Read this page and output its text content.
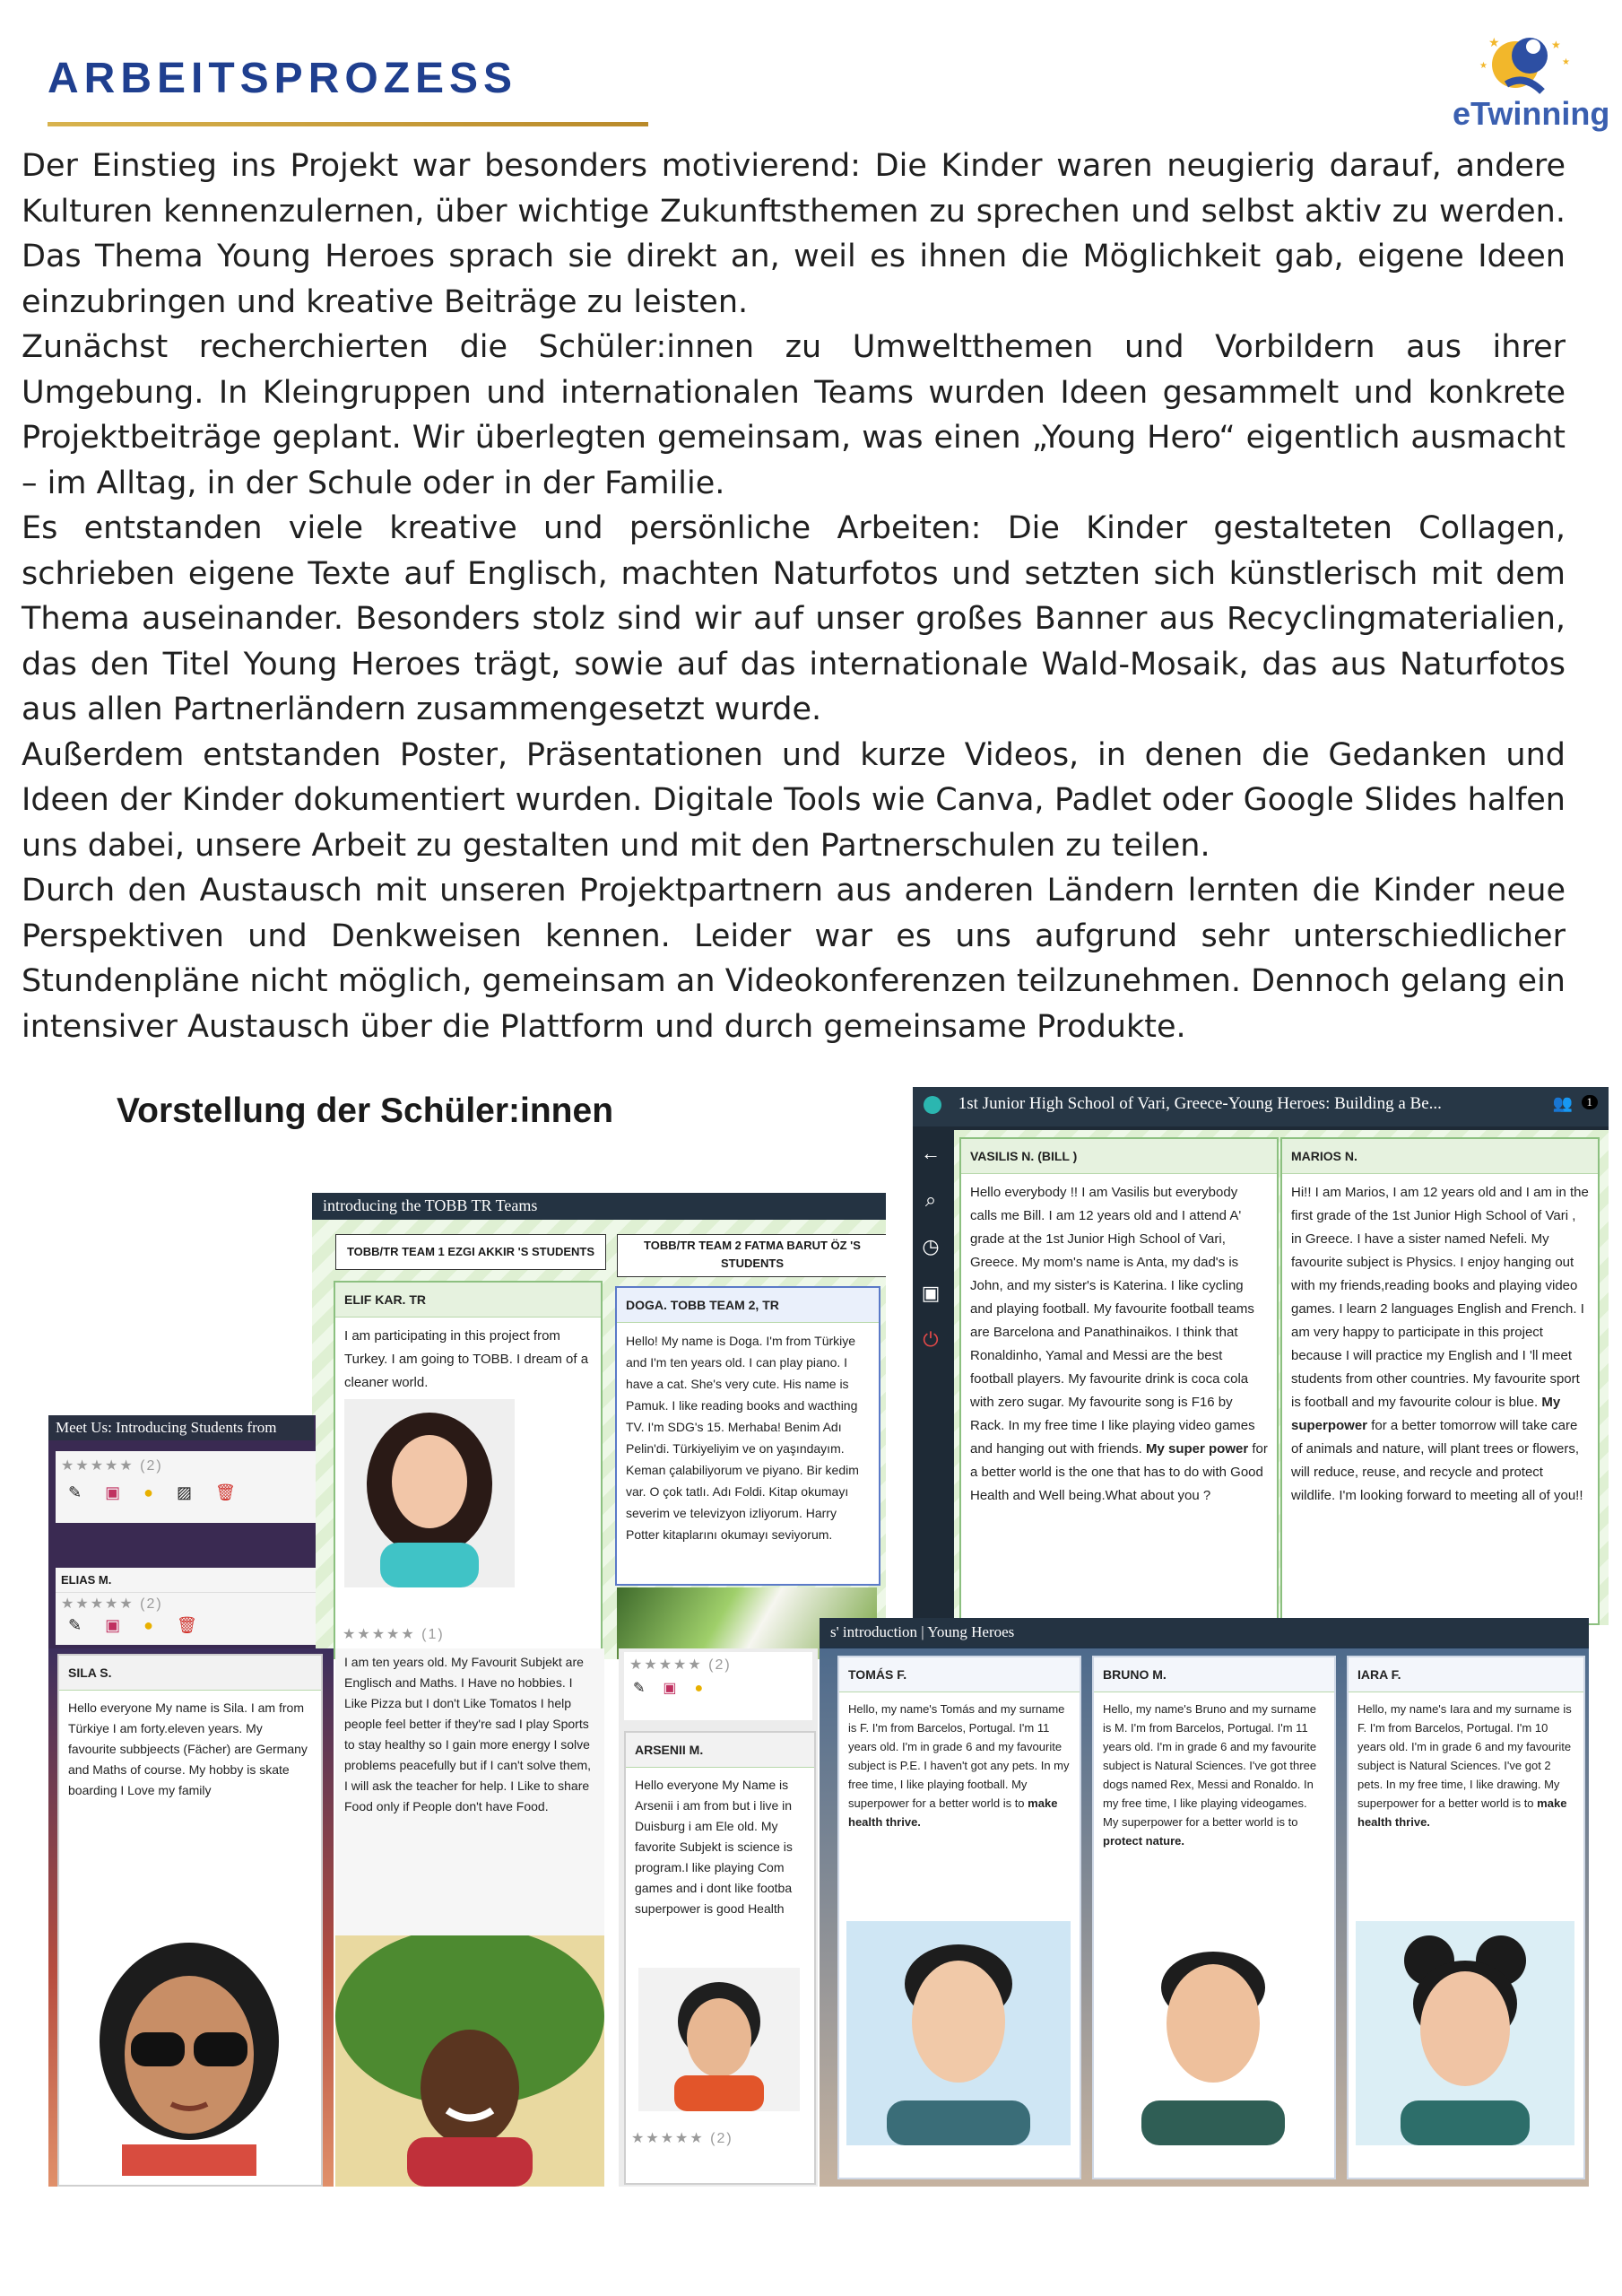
ARBEITSPROZESS
★	★
★
★
eTwinning

Der Einstieg ins Projekt war besonders motivierend: Die Kinder waren neugierig darauf, andere Kulturen kennenzulernen, über wichtige Zukunftsthemen zu sprechen und selbst aktiv zu werden. Das Thema Young Heroes sprach sie direkt an, weil es ihnen die Möglichkeit gab, eigene Ideen einzubringen und kreative Beiträge zu leisten.

Zunächst recherchierten die Schüler:innen zu Umweltthemen und Vorbildern aus ihrer Umgebung. In Kleingruppen und internationalen Teams wurden Ideen gesammelt und konkrete Projektbeiträge geplant. Wir überlegten gemeinsam, was einen „Young Hero“ eigentlich ausmacht – im Alltag, in der Schule oder in der Familie.

Es entstanden viele kreative und persönliche Arbeiten: Die Kinder gestalteten Collagen, schrieben eigene Texte auf Englisch, machten Naturfotos und setzten sich künstlerisch mit dem Thema auseinander. Besonders stolz sind wir auf unser großes Banner aus Recyclingmaterialien, das den Titel Young Heroes trägt, sowie auf das internationale Wald-Mosaik, das aus Naturfotos aus allen Partnerländern zusammengesetzt wurde.

Außerdem entstanden Poster, Präsentationen und kurze Videos, in denen die Gedanken und Ideen der Kinder dokumentiert wurden. Digitale Tools wie Canva, Padlet oder Google Slides halfen uns dabei, unsere Arbeit zu gestalten und mit den Partnerschulen zu teilen.

Durch den Austausch mit unseren Projektpartnern aus anderen Ländern lernten die Kinder neue Perspektiven und Denkweisen kennen. Leider war es uns aufgrund sehr unterschiedlicher Stundenpläne nicht möglich, gemeinsam an Videokonferenzen teilzunehmen. Dennoch gelang ein intensiver Austausch über die Plattform und durch gemeinsame Produkte.

Vorstellung der Schüler:innen	1st Junior High School of Vari, Greece-Young Heroes: Building a Be...	👥	1
←
⌕
◷
▣
⏻
VASILIS N. (BILL )
Hello everybody !! I am Vasilis but everybody calls me Bill. I am 12 years old and I attend A' grade at the 1st Junior High School of Vari, Greece. My mom's name is Anta, my dad's is John, and my sister's is Katerina. I like cycling and playing football. My favourite football teams are Barcelona and Panathinaikos. I think that Ronaldinho, Yamal and Messi are the best football players. My favourite drink is coca cola with zero sugar. My favourite song is F16 by Rack. In my free time I like playing video games and hanging out with friends. My super power for a better world is the one that has to do with Good Health and Well being.What about you ?
MARIOS N.
Hi!! I am Marios, I am 12 years old and I am in the first grade of the 1st Junior High School of Vari , in Greece. I have a sister named Nefeli. My favourite subject is Physics. I enjoy hanging out with my friends,reading books and playing video games. I learn 2 languages English and French. I am very happy to participate in this project because I will practice my English and I 'll meet students from other countries. My favourite sport is football and my favourite colour is blue. My superpower for a better tomorrow will take care of animals and nature, will plant trees or flowers, will reduce, reuse, and recycle and protect wildlife. I'm looking forward to meeting all of you!!
introducing the TOBB TR Teams
TOBB/TR TEAM 1 EZGI AKKIR 'S STUDENTS	TOBB/TR TEAM 2 FATMA BARUT ÖZ 'S STUDENTS
ELIF KAR. TR
I am participating in this project from Turkey. I am going to TOBB. I dream of a cleaner world.
★★★★★ (1)
DOGA. TOBB TEAM 2, TR
Hello! My name is Doga. I'm from Türkiye and I'm ten years old. I can play piano. I have a cat. She's very cute. His name is Pamuk. I like reading books and wacthing TV. I'm SDG's 15. Merhaba! Benim Adı Pelin'di. Türkiyeliyim ve on yaşındayım. Keman çalabiliyorum ve piyano. Bir kedim var. O çok tatlı. Adı Foldi. Kitap okumayı severim ve televizyon izliyorum. Harry Potter kitaplarını okumayı seviyorum.
Meet Us: Introducing Students from
★★★★★ (2)
✎▣●▨🗑
ELIAS M.
★★★★★ (2)
✎▣●🗑
SILA S.
Hello everyone My name is Sila. I am from Türkiye I am forty.eleven years. My favourite subbjeects (Fächer) are Germany and Maths of course. My hobby is skate boarding I Love my family
I am ten years old. My Favourit Subjekt are Englisch and Maths. I Have no hobbies. I Like Pizza but I don't Like Tomatos I help people feel better if they're sad I play Sports to stay healthy so I gain more energy I solve problems peacefully but if I can't solve them, I will ask the teacher for help. I Like to share Food only if People don't have Food.
★★★★★ (2)
✎▣●
ARSENII M.
Hello everyone My Name is Arsenii i am from but i live in Duisburg i am Ele old. My favorite Subjekt is science is program.I like playing Com games and i dont like footba superpower is good Health
★★★★★ (2)
s' introduction | Young Heroes
TOMÁS F.
Hello, my name's Tomás and my surname is F. I'm from Barcelos, Portugal. I'm 11 years old. I'm in grade 6 and my favourite subject is P.E. I haven't got any pets. In my free time, I like playing football. My superpower for a better world is to make health thrive.
BRUNO M.
Hello, my name's Bruno and my surname is M. I'm from Barcelos, Portugal. I'm 11 years old. I'm in grade 6 and my favourite subject is Natural Sciences. I've got three dogs named Rex, Messi and Ronaldo. In my free time, I like playing videogames. My superpower for a better world is to protect nature.
IARA F.
Hello, my name's Iara and my surname is F. I'm from Barcelos, Portugal. I'm 10 years old. I'm in grade 6 and my favourite subject is Natural Sciences. I've got 2 pets. In my free time, I like drawing. My superpower for a better world is to make health thrive.
